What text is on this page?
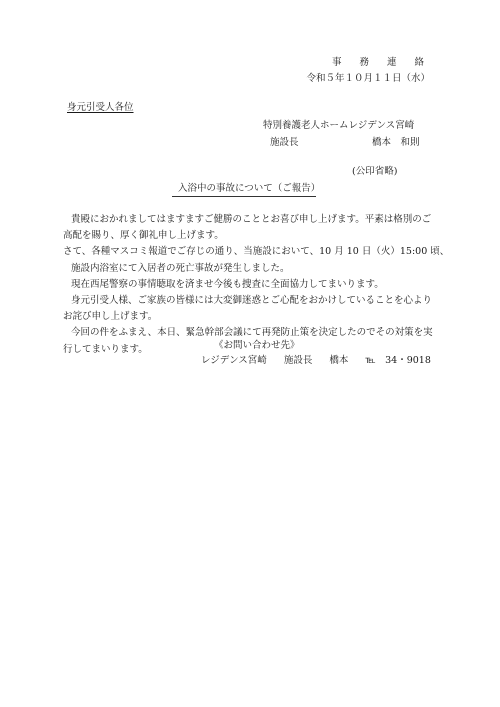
事 務 連 絡
令和５年１０月１１日（水）
身元引受人各位
特別養護老人ホームレジデンス宮崎
施設長	橋本　和則
(公印省略)
入浴中の事故について（ご報告）

貴殿におかれましてはますますご健勝のこととお喜び申し上げます。平素は格別のご

高配を賜り、厚く御礼申し上げます。

さて、各種マスコミ報道でご存じの通り、当施設において、10 月 10 日（火）15:00 頃、

施設内浴室にて入居者の死亡事故が発生しました。

現在西尾警察の事情聴取を済ませ今後も捜査に全面協力してまいります。

身元引受人様、ご家族の皆様には大変御迷惑とご心配をおかけしていることを心より

お詫び申し上げます。

今回の件をふまえ、本日、緊急幹部会議にて再発防止策を決定したのでその対策を実

行してまいります。	《お問い合わせ先》
レジデンス宮崎 施設長 橋本 ℡　34・9018
